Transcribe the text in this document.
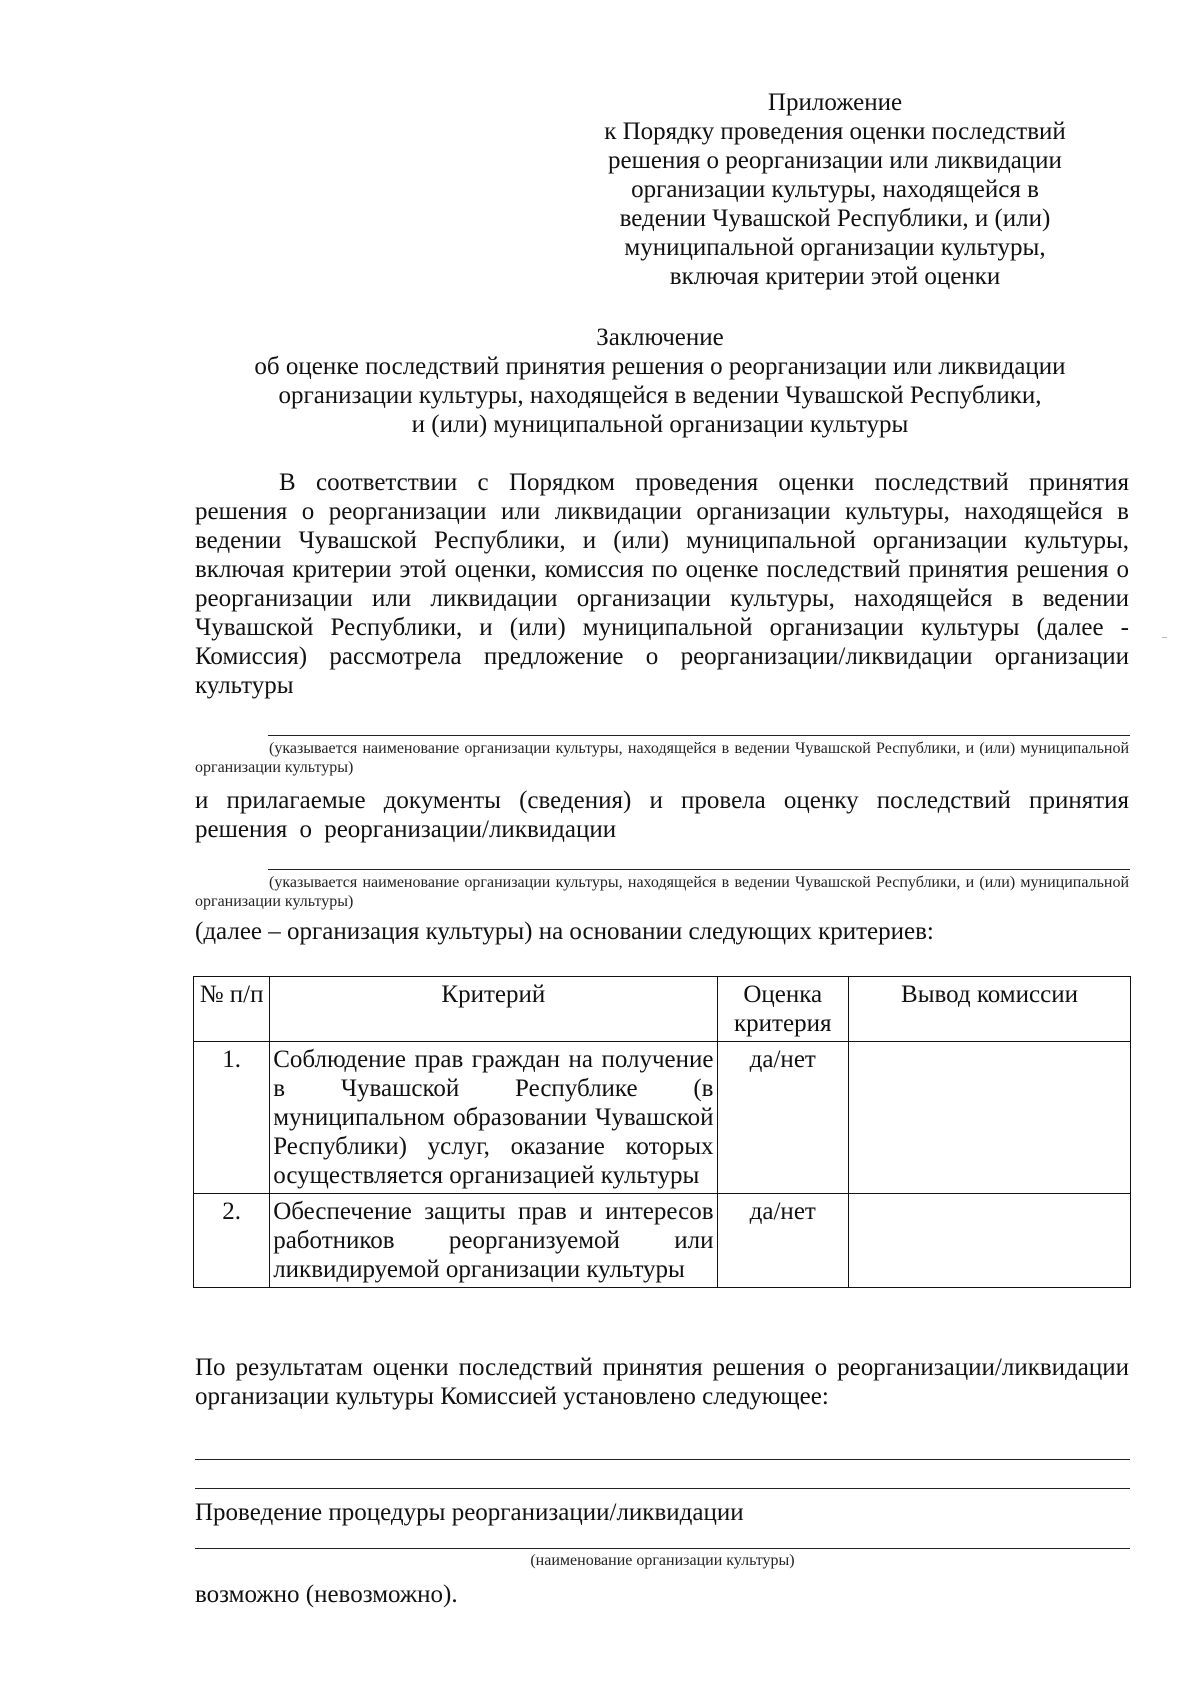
Приложение
к Порядку проведения оценки последствий
решения о реорганизации или ликвидации
организации культуры, находящейся в
ведении Чувашской Республики, и (или)
муниципальной организации культуры,
включая критерии этой оценки
Заключение
об оценке последствий принятия решения о реорганизации или ликвидации
организации культуры, находящейся в ведении Чувашской Республики,
и (или) муниципальной организации культуры
В соответствии с Порядком проведения оценки последствий принятия решения о реорганизации или ликвидации организации культуры, находящейся в ведении Чувашской Республики, и (или) муниципальной организации культуры, включая критерии этой оценки, комиссия по оценке последствий принятия решения о реорганизации или ликвидации организации культуры, находящейся в ведении Чувашской Республики, и (или) муниципальной организации культуры (далее - Комиссия) рассмотрела предложение о реорганизации/ликвидации организации культуры
(указывается наименование организации культуры, находящейся в ведении Чувашской Республики, и (или) муниципальной организации культуры)
и прилагаемые документы (сведения) и провела оценку последствий принятия решения о реорганизации/ликвидации
(указывается наименование организации культуры, находящейся в ведении Чувашской Республики, и (или) муниципальной организации культуры)
(далее – организация культуры) на основании следующих критериев:
№ п/п	Критерий	Оценка критерия	Вывод комиссии
1.	Соблюдение прав граждан на получение в Чувашской Республике (в муниципальном образовании Чувашской Республики) услуг, оказание которых осуществляется организацией культуры	да/нет	
2.	Обеспечение защиты прав и интересов работников реорганизуемой или ликвидируемой организации культуры	да/нет	
По результатам оценки последствий принятия решения о реорганизации/ликвидации организации культуры Комиссией установлено следующее:
Проведение процедуры реорганизации/ликвидации
(наименование организации культуры)
возможно (невозможно).
